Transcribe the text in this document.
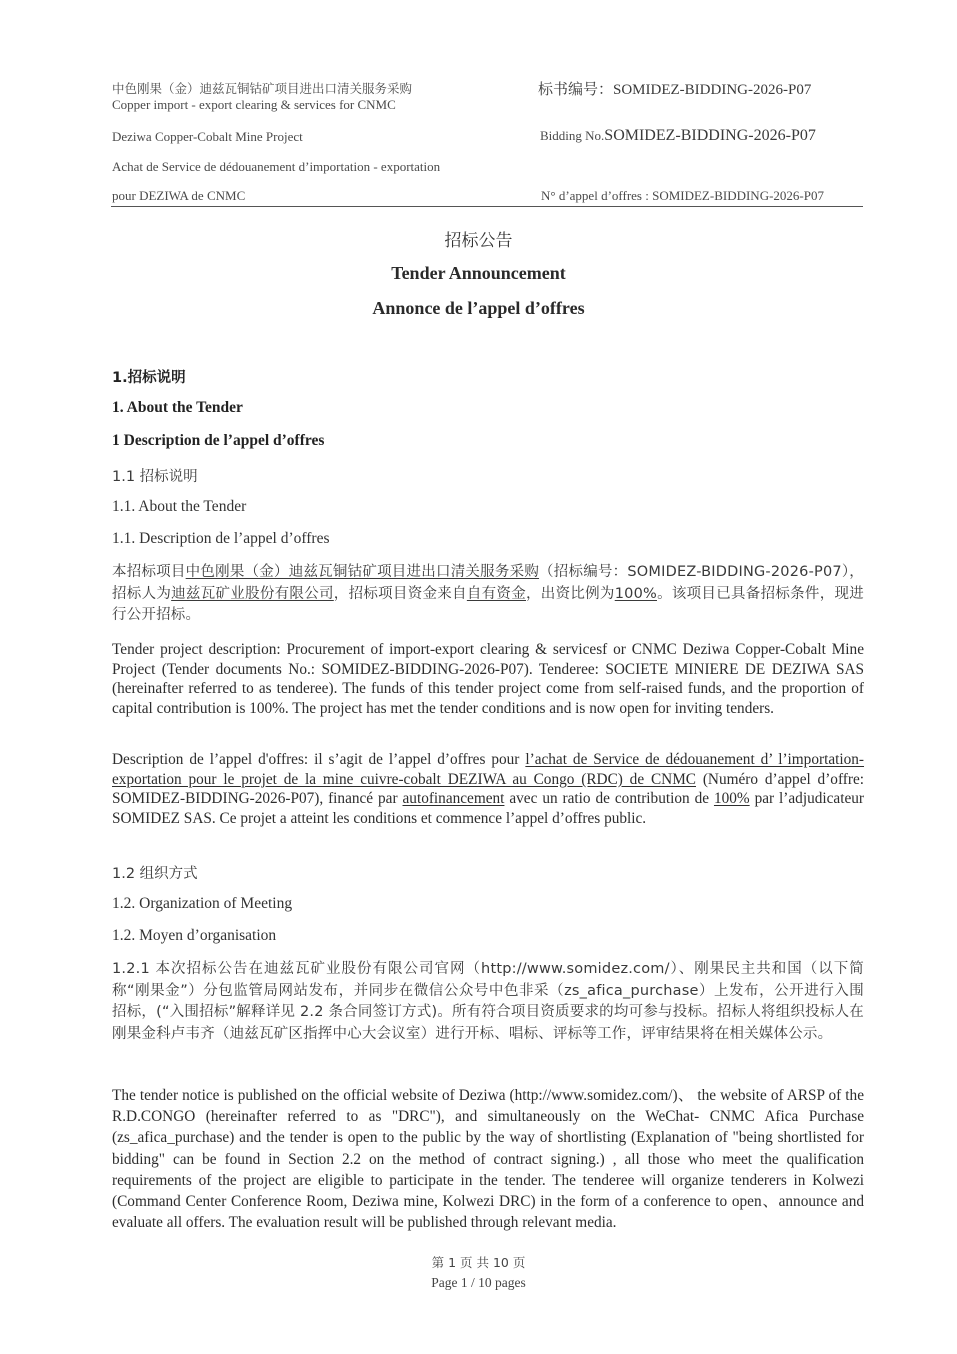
中色刚果（金）迪兹瓦铜钴矿项目进出口清关服务采购
Copper import - export clearing & services for CNMC
Deziwa Copper-Cobalt Mine Project
Achat de Service de dédouanement d’importation - exportation
pour DEZIWA de CNMC
标书编号：SOMIDEZ-BIDDING-2026-P07
Bidding No.SOMIDEZ-BIDDING-2026-P07
N° d’appel d’offres : SOMIDEZ-BIDDING-2026-P07
招标公告
Tender Announcement
Annonce de l’appel d’offres
1.招标说明
1. About the Tender
1 Description de l’appel d’offres
1.1 招标说明
1.1. About the Tender
1.1. Description de l’appel d’offres
本招标项目中色刚果（金）迪兹瓦铜钴矿项目进出口清关服务采购（招标编号：SOMIDEZ-BIDDING-2026-P07），招标人为迪兹瓦矿业股份有限公司，招标项目资金来自自有资金，出资比例为100%。该项目已具备招标条件，现进行公开招标。
Tender project description: Procurement of import-export clearing & servicesf or CNMC Deziwa Copper-Cobalt Mine Project (Tender documents No.: SOMIDEZ-BIDDING-2026-P07). Tenderee: SOCIETE MINIERE DE DEZIWA SAS (hereinafter referred to as tenderee). The funds of this tender project come from self-raised funds, and the proportion of capital contribution is 100%. The project has met the tender conditions and is now open for inviting tenders.
Description de l’appel d'offres: il s’agit de l’appel d’offres pour l’achat de Service de dédouanement d’ l’importation-exportation pour le projet de la mine cuivre-cobalt DEZIWA au Congo (RDC) de CNMC (Numéro d’appel d’offre: SOMIDEZ-BIDDING-2026-P07), financé par autofinancement avec un ratio de contribution de 100% par l’adjudicateur SOMIDEZ SAS. Ce projet a atteint les conditions et commence l’appel d’offres public.
1.2 组织方式
1.2. Organization of Meeting
1.2. Moyen d’organisation
1.2.1 本次招标公告在迪兹瓦矿业股份有限公司官网（http://www.somidez.com/）、刚果民主共和国（以下简称“刚果金”）分包监管局网站发布，并同步在微信公众号中色非采（zs_afica_purchase）上发布，公开进行入围招标，(“入围招标”解释详见 2.2 条合同签订方式)。所有符合项目资质要求的均可参与投标。招标人将组织投标人在刚果金科卢韦齐（迪兹瓦矿区指挥中心大会议室）进行开标、唱标、评标等工作，评审结果将在相关媒体公示。
The tender notice is published on the official website of Deziwa (http://www.somidez.com/)、 the website of ARSP of the R.D.CONGO (hereinafter referred to as "DRC"), and simultaneously on the WeChat- CNMC Afica Purchase (zs_afica_purchase) and the tender is open to the public by the way of shortlisting (Explanation of "being shortlisted for bidding" can be found in Section 2.2 on the method of contract signing.) , all those who meet the qualification requirements of the project are eligible to participate in the tender. The tenderee will organize tenderers in Kolwezi (Command Center Conference Room, Deziwa mine, Kolwezi DRC) in the form of a conference to open、announce and evaluate all offers. The evaluation result will be published through relevant media.
第 1 页 共 10 页
Page 1 / 10 pages
